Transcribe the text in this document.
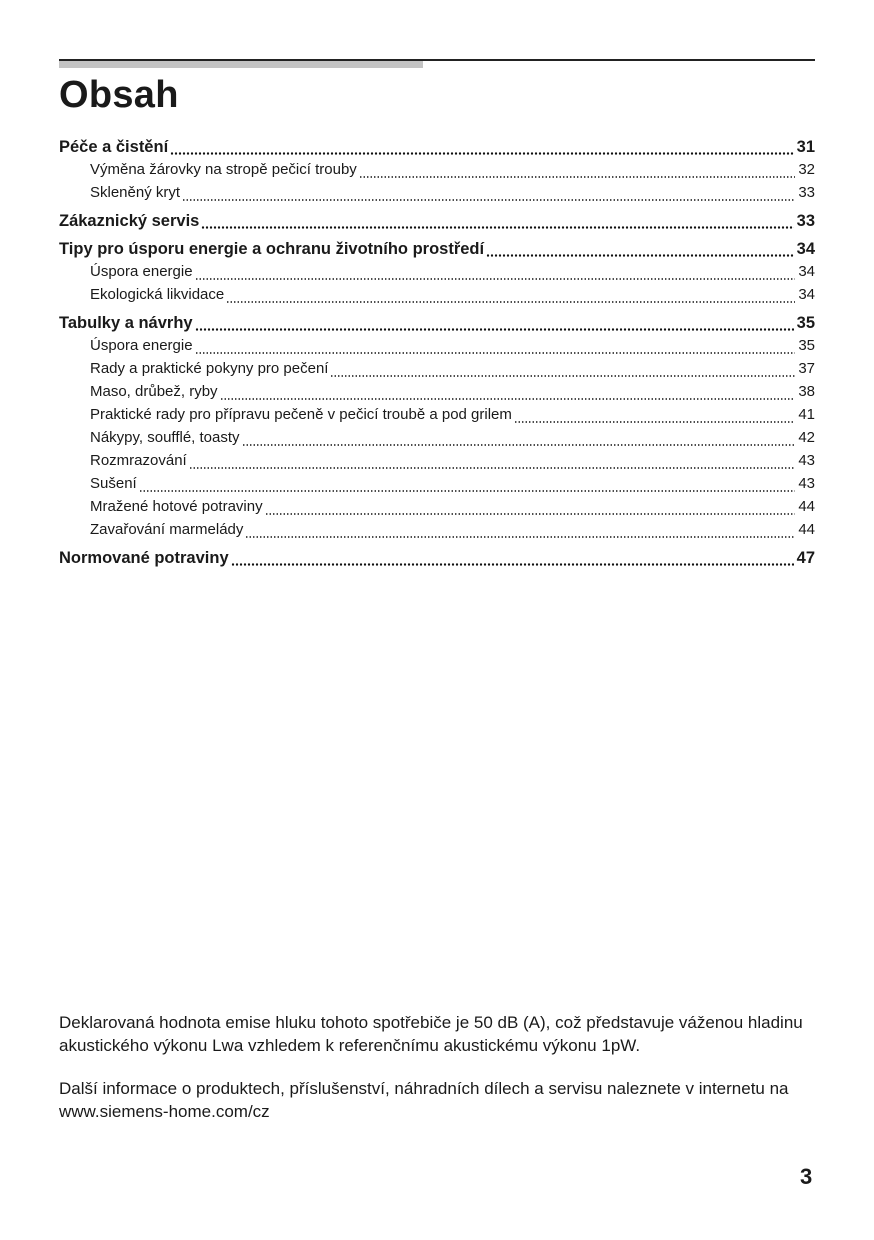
Obsah
Péče a čistění	31
Výměna žárovky na stropě pečicí trouby	32
Skleněný kryt	33
Zákaznický servis	33
Tipy pro úsporu energie a ochranu životního prostředí	34
Úspora energie	34
Ekologická likvidace	34
Tabulky a návrhy	35
Úspora energie	35
Rady a praktické pokyny pro pečení	37
Maso, drůbež, ryby	38
Praktické rady pro přípravu pečeně v pečicí troubě a pod grilem	41
Nákypy, soufflé, toasty	42
Rozmrazování	43
Sušení	43
Mražené hotové potraviny	44
Zavařování marmelády	44
Normované potraviny	47

Deklarovaná hodnota emise hluku tohoto spotřebiče je 50 dB (A), což představuje váženou hladinu akustického výkonu Lwa vzhledem k referenčnímu akustickému výkonu 1pW.

Další informace o produktech, příslušenství, náhradních dílech a servisu naleznete v internetu na www.siemens-home.com/cz

3
